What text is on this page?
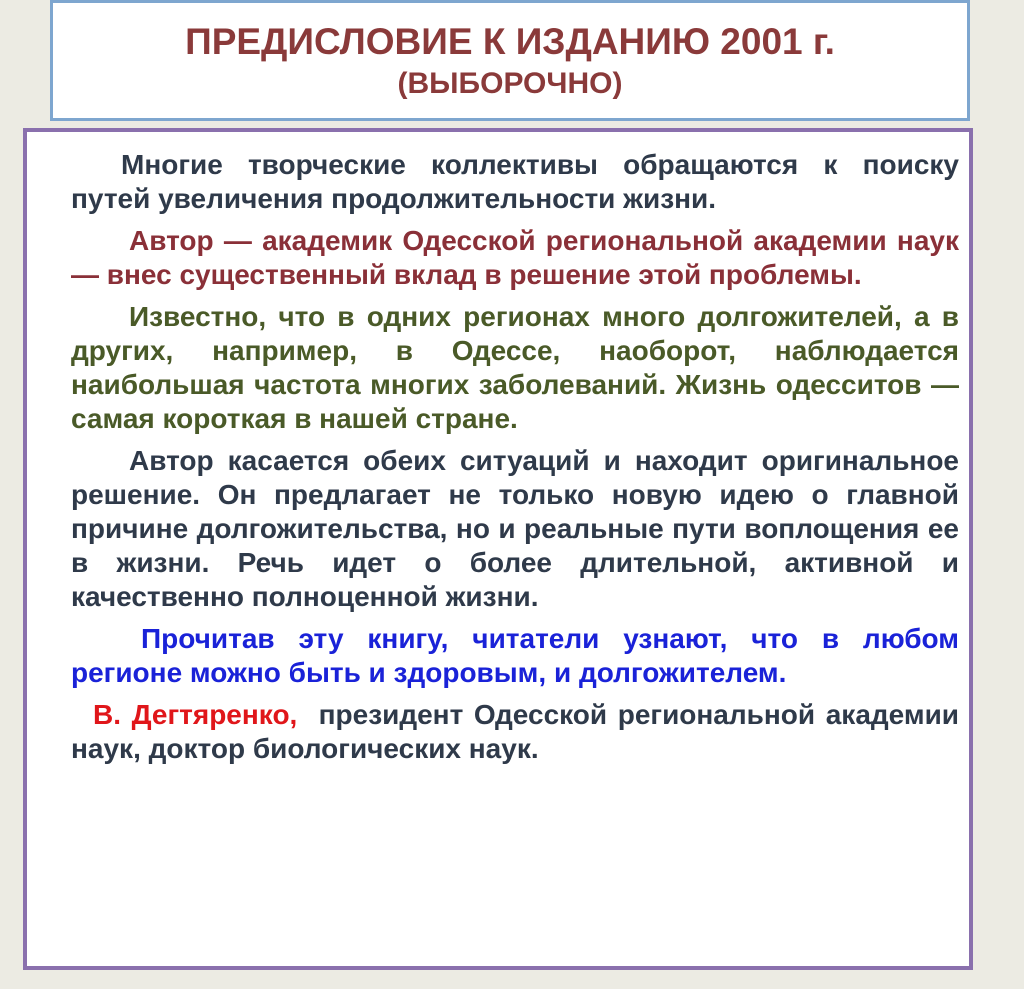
ПРЕДИСЛОВИЕ К ИЗДАНИЮ 2001 г.
(ВЫБОРОЧНО)

Многие творческие коллективы обращаются к поиску путей увеличения продолжительности жизни.

Автор — академик Одесской региональной академии наук — внес существенный вклад в решение этой проблемы.

Известно, что в одних регионах много долгожителей, а в других, например, в Одессе, наоборот, наблюдается наибольшая частота многих заболеваний. Жизнь одесситов — самая короткая в нашей стране.

Автор касается обеих ситуаций и находит оригинальное решение. Он предлагает не только новую идею о главной причине долгожительства, но и реальные пути воплощения ее в жизни. Речь идет о более длительной, активной и качественно полноценной жизни.

Прочитав эту книгу, читатели узнают, что в любом регионе можно быть и здоровым, и долгожителем.

В. Дегтяренко, президент Одесской региональной академии наук, доктор биологических наук.
